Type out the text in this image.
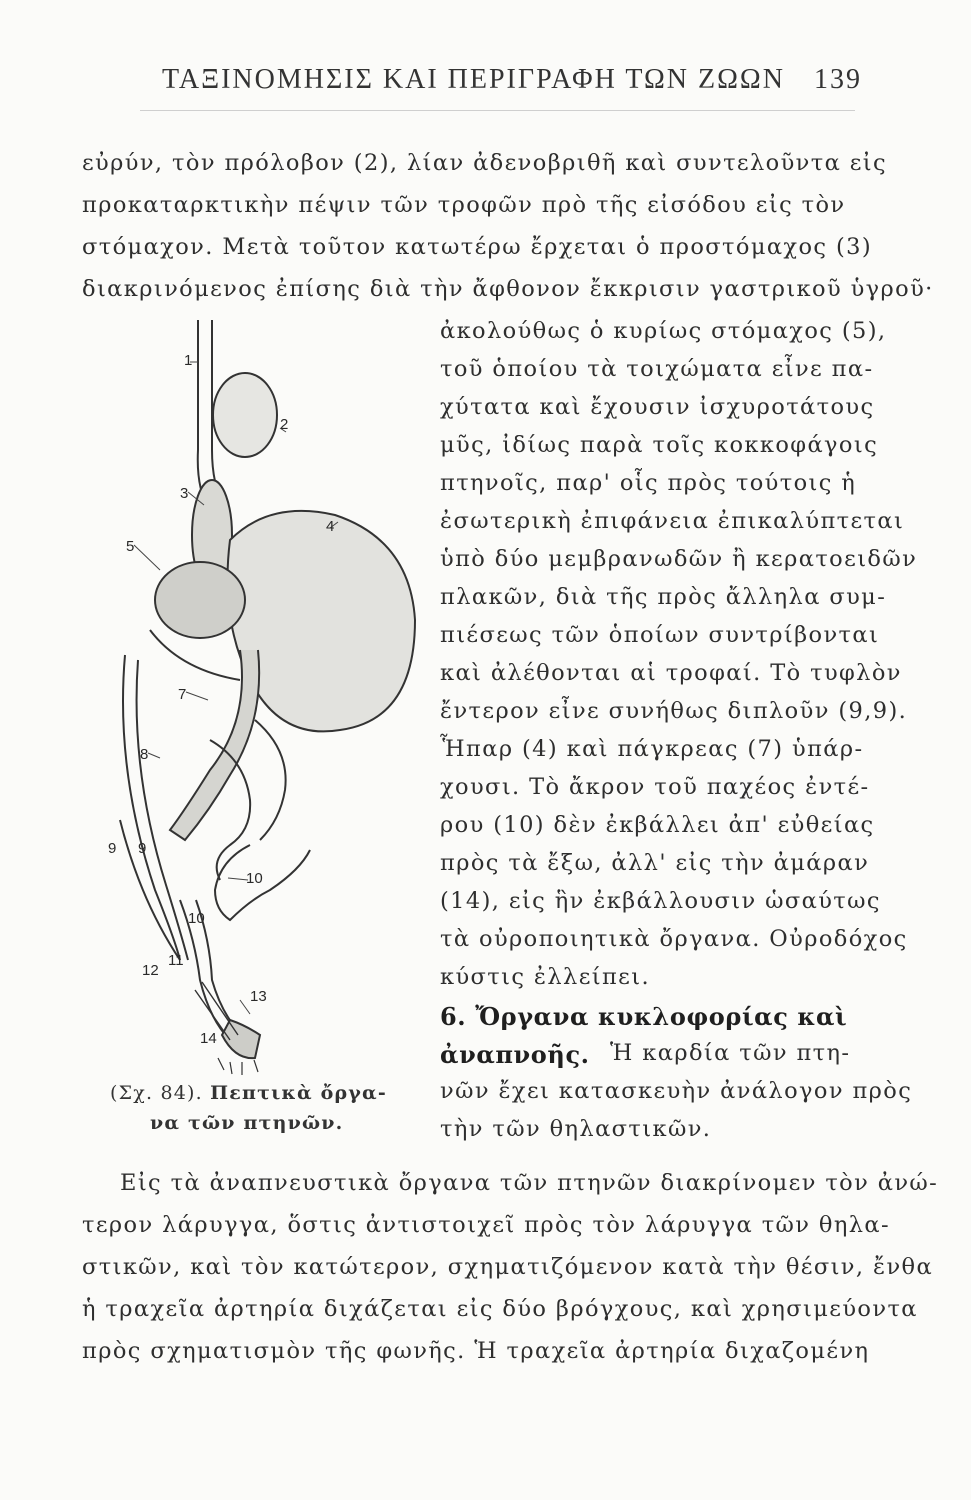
ΤΑΞΙΝΟΜΗΣΙΣ ΚΑΙ ΠΕΡΙΓΡΑΦΗ ΤΩΝ ΖΩΩΝ 139
εὐρύν, τὸν πρόλοβον (2), λίαν ἀδενοβριθῆ καὶ συντελοῦντα εἰς
προκαταρκτικὴν πέψιν τῶν τροφῶν πρὸ τῆς εἰσόδου εἰς τὸν
στόμαχον. Μετὰ τοῦτον κατωτέρω ἔρχεται ὁ προστόμαχος (3)
διακρινόμενος ἐπίσης διὰ τὴν ἄφθονον ἔκκρισιν γαστρικοῦ ὑγροῦ·
ἀκολούθως ὁ κυρίως στόμαχος (5),
τοῦ ὁποίου τὰ τοιχώματα εἶνε πα-
χύτατα καὶ ἔχουσιν ἰσχυροτάτους
μῦς, ἰδίως παρὰ τοῖς κοκκοφάγοις
πτηνοῖς, παρ' οἷς πρὸς τούτοις ἡ
ἐσωτερικὴ ἐπιφάνεια ἐπικαλύπτεται
ὑπὸ δύο μεμβρανωδῶν ἢ κερατοειδῶν
πλακῶν, διὰ τῆς πρὸς ἄλληλα συμ-
πιέσεως τῶν ὁποίων συντρίβονται
καὶ ἀλέθονται αἱ τροφαί. Τὸ τυφλὸν
ἔντερον εἶνε συνήθως διπλοῦν (9,9).
Ἧπαρ (4) καὶ πάγκρεας (7) ὑπάρ-
χουσι. Τὸ ἄκρον τοῦ παχέος ἐντέ-
ρου (10) δὲν ἐκβάλλει ἀπ' εὐθείας
πρὸς τὰ ἔξω, ἀλλ' εἰς τὴν ἀμάραν
(14), εἰς ἣν ἐκβάλλουσιν ὡσαύτως
τὰ οὐροποιητικὰ ὄργανα. Οὐροδόχος
κύστις ἐλλείπει.
6. Ὄργανα κυκλοφορίας καὶ
ἀναπνοῆς. Ἡ καρδία τῶν πτη-
νῶν ἔχει κατασκευὴν ἀνάλογον πρὸς
τὴν τῶν θηλαστικῶν.
1
2
3
4
5
7
8
9 9
10
10
11
12
13
14
(Σχ. 84). Πεπτικὰ ὄργα-
να τῶν πτηνῶν.
Εἰς τὰ ἀναπνευστικὰ ὄργανα τῶν πτηνῶν διακρίνομεν τὸν ἀνώ-
τερον λάρυγγα, ὅστις ἀντιστοιχεῖ πρὸς τὸν λάρυγγα τῶν θηλα-
στικῶν, καὶ τὸν κατώτερον, σχηματιζόμενον κατὰ τὴν θέσιν, ἔνθα
ἡ τραχεῖα ἀρτηρία διχάζεται εἰς δύο βρόγχους, καὶ χρησιμεύοντα
πρὸς σχηματισμὸν τῆς φωνῆς. Ἡ τραχεῖα ἀρτηρία διχαζομένη
